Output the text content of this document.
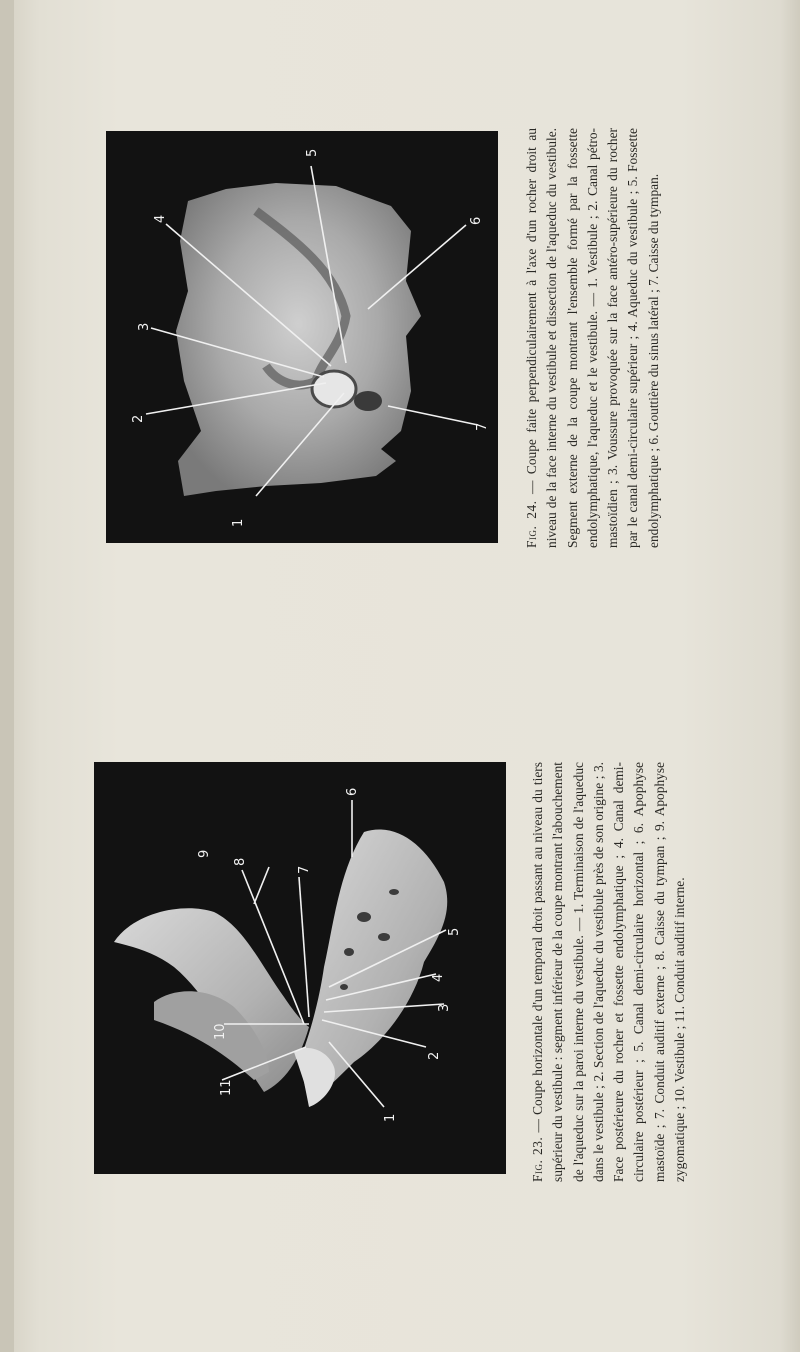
1
2
3
4
5
6
7
Fig. 24. — Coupe faite perpendiculairement à l'axe d'un rocher droit au niveau de la face interne du vestibule et dissection de l'aqueduc du vestibule. Segment externe de la coupe montrant l'ensemble formé par la fossette endolymphatique, l'aqueduc et le vestibule. — 1. Vestibule ; 2. Canal pétro-mastoïdien ; 3. Voussure provoquée sur la face antéro-supérieure du rocher par le canal demi-circulaire supérieur ; 4. Aqueduc du vestibule ; 5. Fossette endolymphatique ; 6. Gouttière du sinus latéral ; 7. Caisse du tympan.
1
2
3
4
5
6
7
8
9
10
11
Fig. 23. — Coupe horizontale d'un temporal droit passant au niveau du tiers supérieur du vestibule : segment inférieur de la coupe montrant l'abouchement de l'aqueduc sur la paroi interne du vestibule. — 1. Terminaison de l'aqueduc dans le vestibule ; 2. Section de l'aqueduc du vestibule près de son origine ; 3. Face postérieure du rocher et fossette endolymphatique ; 4. Canal demi-circulaire postérieur ; 5. Canal demi-circulaire horizontal ; 6. Apophyse mastoïde ; 7. Conduit auditif externe ; 8. Caisse du tympan ; 9. Apophyse zygomatique ; 10. Vestibule ; 11. Conduit auditif interne.
